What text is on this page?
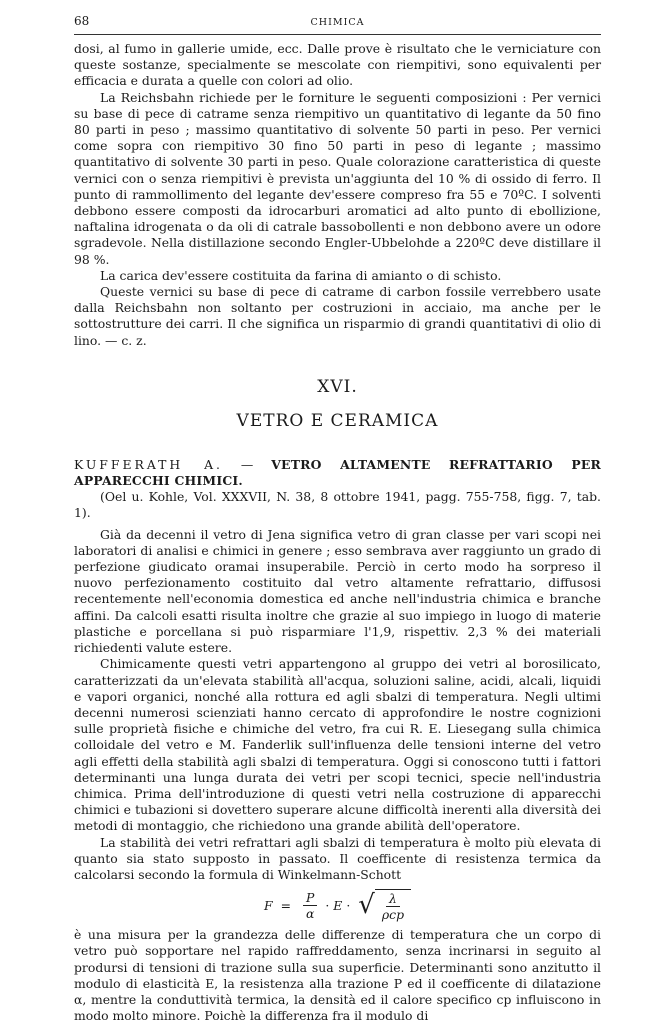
68	CHIMICA

dosi, al fumo in gallerie umide, ecc. Dalle prove è risultato che le verniciature con queste sostanze, specialmente se mescolate con riempitivi, sono equivalenti per efficacia e durata a quelle con colori ad olio.

La Reichsbahn richiede per le forniture le seguenti composizioni : Per vernici su base di pece di catrame senza riempitivo un quantitativo di legante da 50 fino 80 parti in peso ; massimo quantitativo di solvente 50 parti in peso. Per vernici come sopra con riempitivo 30 fino 50 parti in peso di legante ; massimo quantitativo di solvente 30 parti in peso. Quale colorazione caratteristica di queste vernici con o senza riempitivi è prevista un'aggiunta del 10 % di ossido di ferro. Il punto di rammollimento del legante dev'essere compreso fra 55 e 70ºC. I solventi debbono essere composti da idrocarburi aromatici ad alto punto di ebollizione, naftalina idrogenata o da oli di catrale bassobollenti e non debbono avere un odore sgradevole. Nella distillazione secondo Engler-Ubbelohde a 220ºC deve distillare il 98 %.

La carica dev'essere costituita da farina di amianto o di schisto.

Queste vernici su base di pece di catrame di carbon fossile verrebbero usate dalla Reichsbahn non soltanto per costruzioni in acciaio, ma anche per le sottostrutture dei carri. Il che significa un risparmio di grandi quantitativi di olio di lino. — c. z.

XVI.
VETRO E CERAMICA

KUFFERATH A. — VETRO ALTAMENTE REFRATTARIO PER APPARECCHI CHIMICI.

(Oel u. Kohle, Vol. XXXVII, N. 38, 8 ottobre 1941, pagg. 755-758, figg. 7, tab. 1).

Già da decenni il vetro di Jena significa vetro di gran classe per vari scopi nei laboratori di analisi e chimici in genere ; esso sembrava aver raggiunto un grado di perfezione giudicato oramai insuperabile. Perciò in certo modo ha sorpreso il nuovo perfezionamento costituito dal vetro altamente refrattario, diffusosi recentemente nell'economia domestica ed anche nell'industria chimica e branche affini. Da calcoli esatti risulta inoltre che grazie al suo impiego in luogo di materie plastiche e porcellana si può risparmiare l'1,9, rispettiv. 2,3 % dei materiali richiedenti valute estere.

Chimicamente questi vetri appartengono al gruppo dei vetri al borosilicato, caratterizzati da un'elevata stabilità all'acqua, soluzioni saline, acidi, alcali, liquidi e vapori organici, nonché alla rottura ed agli sbalzi di temperatura. Negli ultimi decenni numerosi scienziati hanno cercato di approfondire le nostre cognizioni sulle proprietà fisiche e chimiche del vetro, fra cui R. E. Liesegang sulla chimica colloidale del vetro e M. Fanderlik sull'influenza delle tensioni interne del vetro agli effetti della stabilità agli sbalzi di temperatura. Oggi si conoscono tutti i fattori determinanti una lunga durata dei vetri per scopi tecnici, specie nell'industria chimica. Prima dell'introduzione di questi vetri nella costruzione di apparecchi chimici e tubazioni si dovettero superare alcune difficoltà inerenti alla diversità dei metodi di montaggio, che richiedono una grande abilità dell'operatore.

La stabilità dei vetri refrattari agli sbalzi di temperatura è molto più elevata di quanto sia stato supposto in passato. Il coefficente di resistenza termica da calcolarsi secondo la formula di Winkelmann-Schott

$F = \frac{P}{\alpha} \cdot E$ · √ $\frac{\lambda}{\text{ρcp}}$

è una misura per la grandezza delle differenze di temperatura che un corpo di vetro può sopportare nel rapido raffreddamento, senza incrinarsi in seguito al prodursi di tensioni di trazione sulla sua superficie. Determinanti sono anzitutto il modulo di elasticità E, la resistenza alla trazione P ed il coefficente di dilatazione α, mentre la conduttività termica, la densità ed il calore specifico cp influiscono in modo molto minore. Poichè la differenza fra il modulo di
